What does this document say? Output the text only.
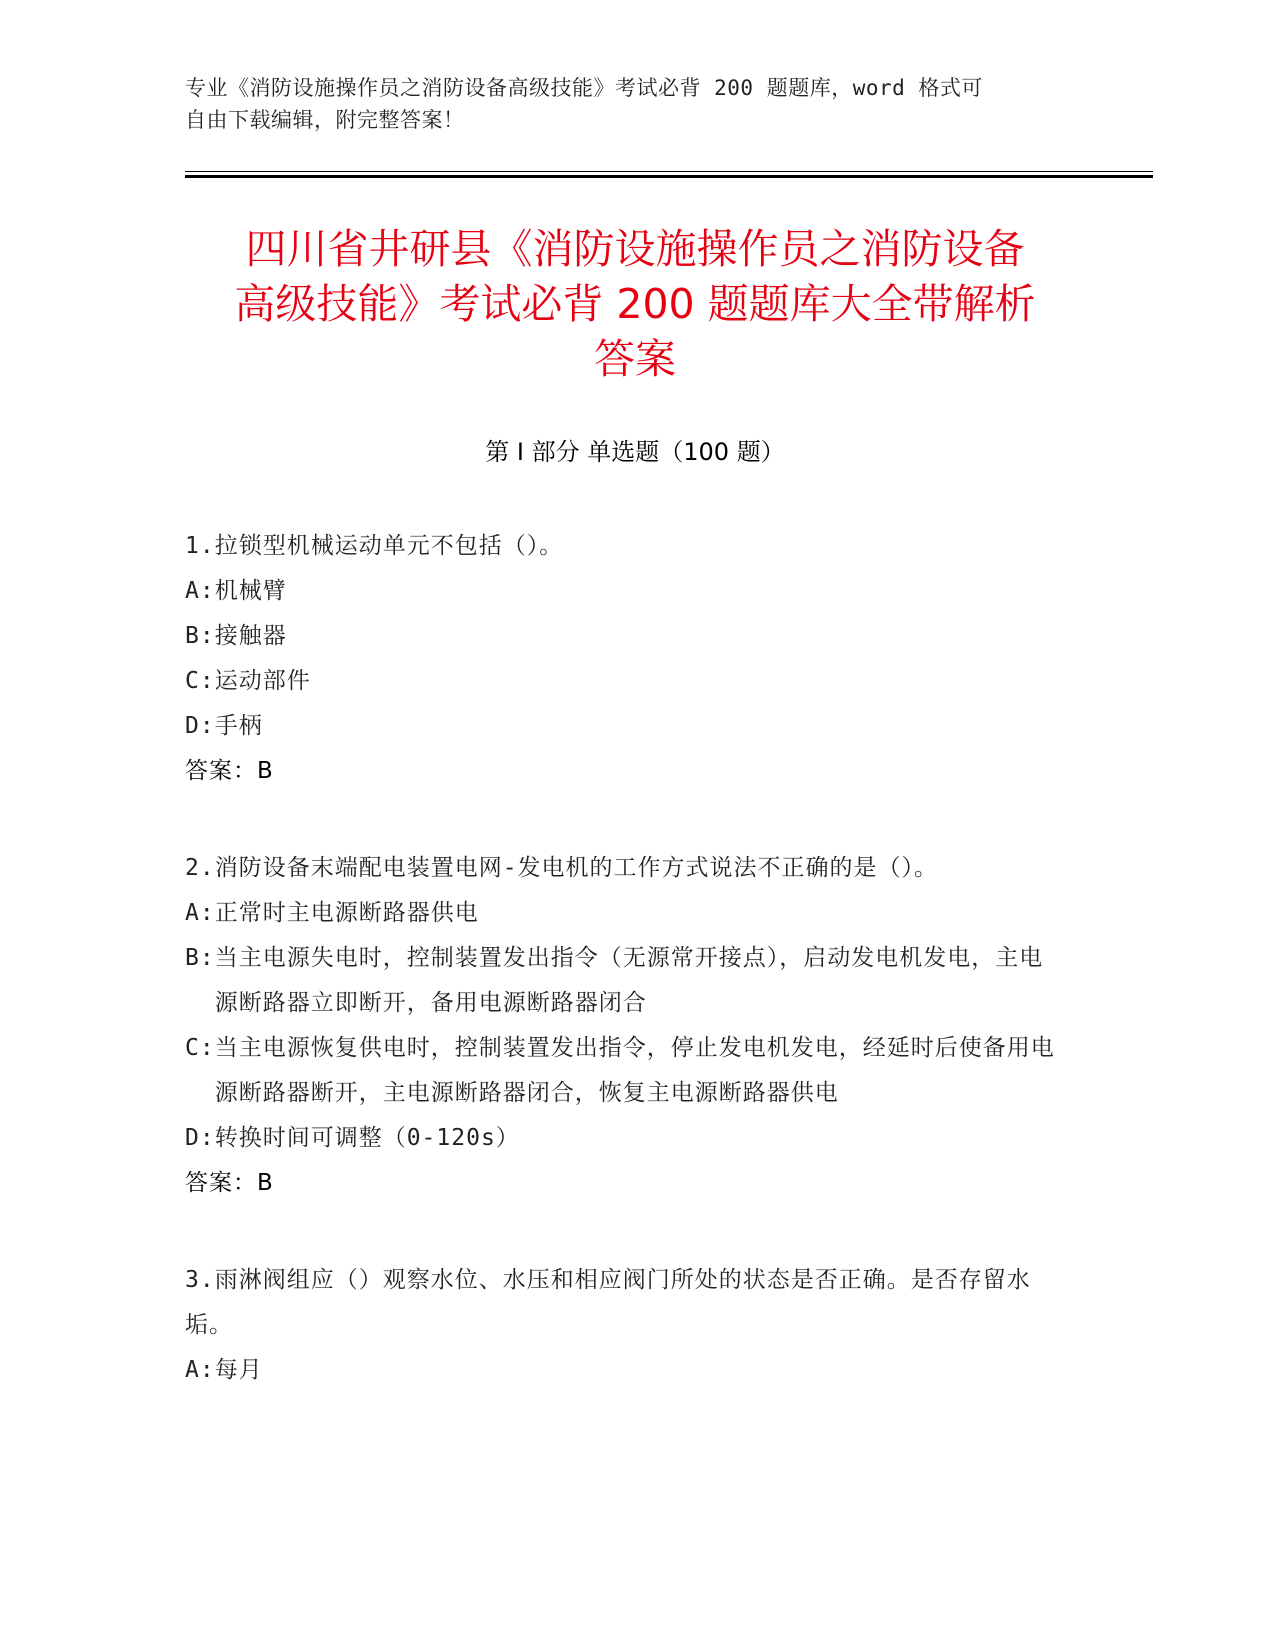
专业《消防设施操作员之消防设备高级技能》考试必背 200 题题库，word 格式可
自由下载编辑，附完整答案！
四川省井研县《消防设施操作员之消防设备
高级技能》考试必背 200 题题库大全带解析
答案
第 I 部分 单选题（100 题）
1.拉锁型机械运动单元不包括（）。
A: 机械臂
B: 接触器
C: 运动部件
D: 手柄
答案：B
2.消防设备末端配电装置电网-发电机的工作方式说法不正确的是（）。
A: 正常时主电源断路器供电
B: 当主电源失电时，控制装置发出指令（无源常开接点），启动发电机发电，主电源断路器立即断开，备用电源断路器闭合
C: 当主电源恢复供电时，控制装置发出指令，停止发电机发电，经延时后使备用电源断路器断开，主电源断路器闭合，恢复主电源断路器供电
D: 转换时间可调整（0-120s）
答案：B
3.雨淋阀组应（）观察水位、水压和相应阀门所处的状态是否正确。是否存留水垢。
A: 每月
